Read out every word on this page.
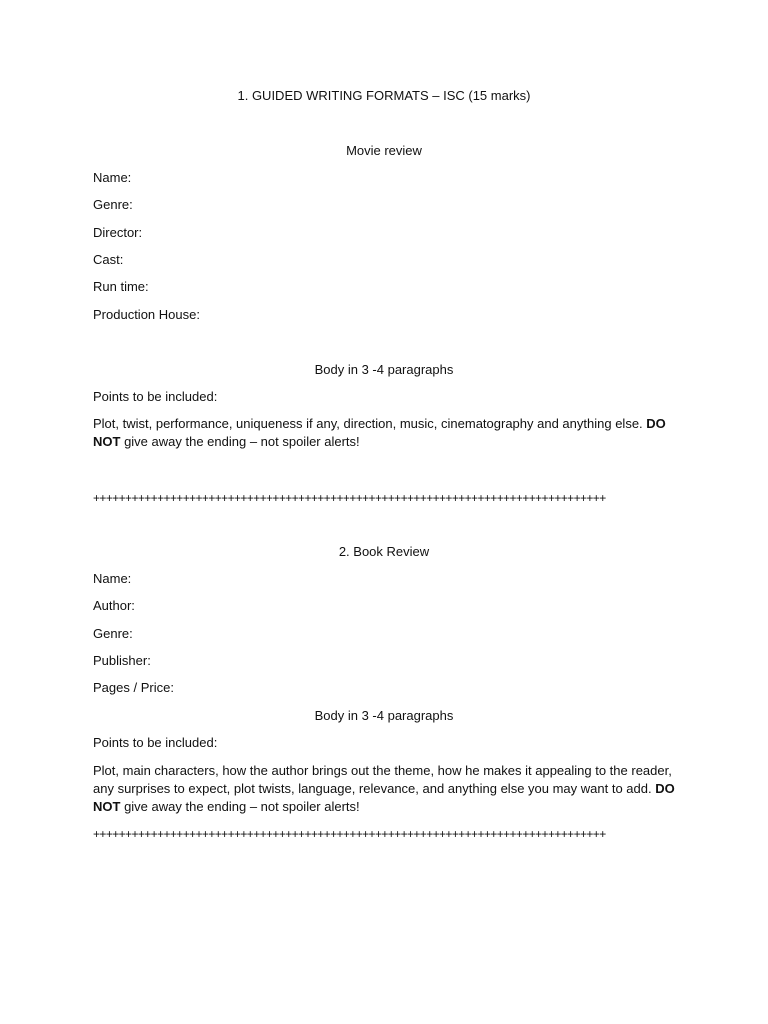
1. GUIDED WRITING FORMATS – ISC (15 marks)
Movie review
Name:
Genre:
Director:
Cast:
Run time:
Production House:
Body in 3 -4 paragraphs
Points to be included:
Plot, twist, performance, uniqueness if any, direction, music, cinematography and anything else. DO NOT give away the ending – not spoiler alerts!
++++++++++++++++++++++++++++++++++++++++++++++++++++++++++++++++++++++++++++++++
2. Book Review
Name:
Author:
Genre:
Publisher:
Pages / Price:
Body in 3 -4 paragraphs
Points to be included:
Plot, main characters, how the author brings out the theme, how he makes it appealing to the reader, any surprises to expect, plot twists, language, relevance, and anything else you may want to add. DO NOT give away the ending – not spoiler alerts!
++++++++++++++++++++++++++++++++++++++++++++++++++++++++++++++++++++++++++++++++
